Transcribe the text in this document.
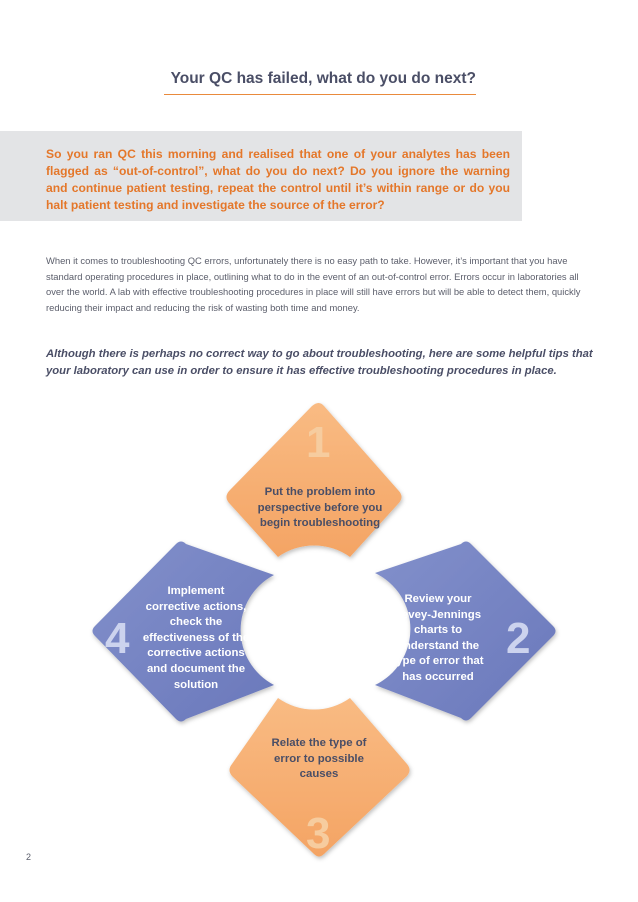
Your QC has failed, what do you do next?

So you ran QC this morning and realised that one of your analytes has been flagged as “out-of-control”, what do you do next? Do you ignore the warning and continue patient testing, repeat the control until it’s within range or do you halt patient testing and investigate the source of the error?

When it comes to troubleshooting QC errors, unfortunately there is no easy path to take. However, it’s important that you have standard operating procedures in place, outlining what to do in the event of an out-of-control error. Errors occur in laboratories all over the world. A lab with effective troubleshooting procedures in place will still have errors but will be able to detect them, quickly reducing their impact and reducing the risk of wasting both time and money.

Although there is perhaps no correct way to go about troubleshooting, here are some helpful tips that your laboratory can use in order to ensure it has effective troubleshooting procedures in place.

1

Put the problem into perspective before you begin troubleshooting

2

Review your Levey-Jennings charts to understand the type of error that has occurred

3

Relate the type of error to possible causes

4

Implement corrective actions, check the effectiveness of the corrective actions and document the solution

2
